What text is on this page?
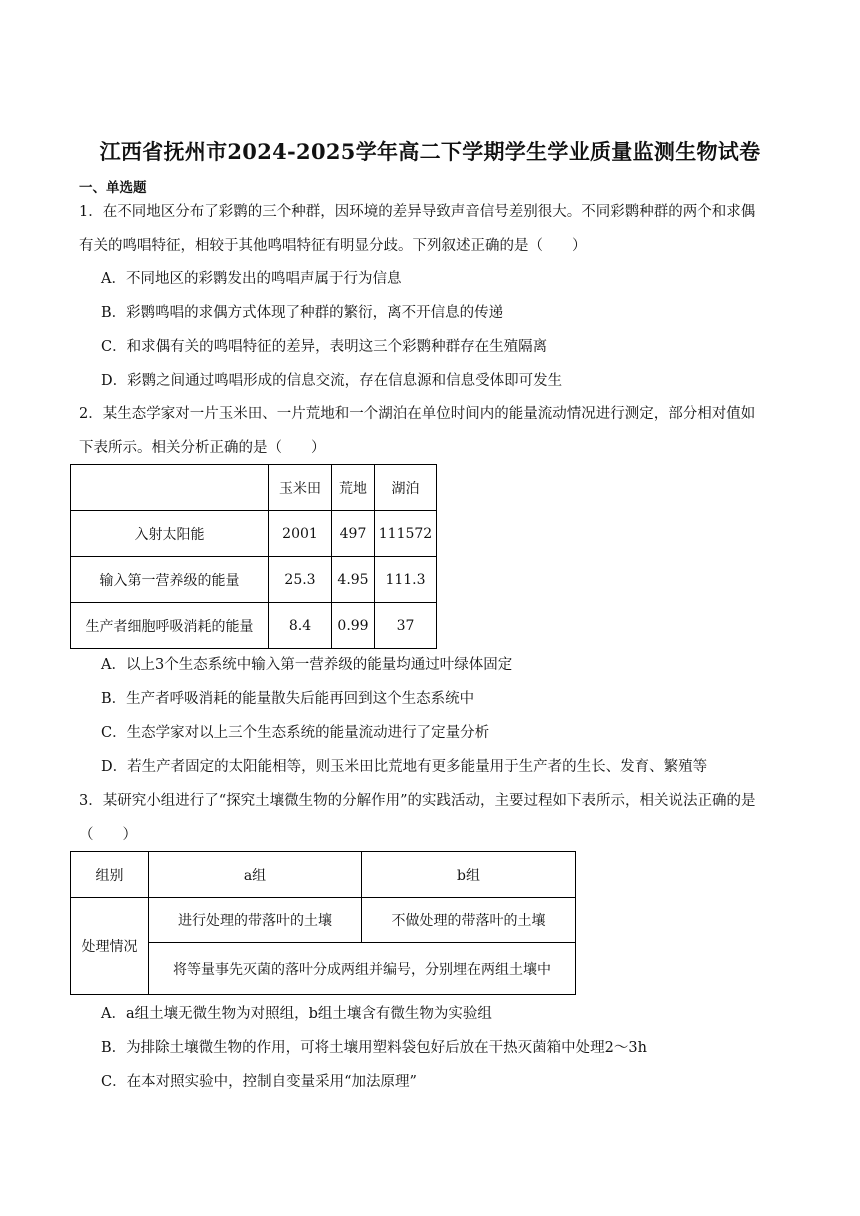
江西省抚州市2024-2025学年高二下学期学生学业质量监测生物试卷
一、单选题
1．在不同地区分布了彩鹮的三个种群，因环境的差异导致声音信号差别很大。不同彩鹮种群的两个和求偶
有关的鸣唱特征，相较于其他鸣唱特征有明显分歧。下列叙述正确的是（　　）
A．不同地区的彩鹮发出的鸣唱声属于行为信息
B．彩鹮鸣唱的求偶方式体现了种群的繁衍，离不开信息的传递
C．和求偶有关的鸣唱特征的差异，表明这三个彩鹮种群存在生殖隔离
D．彩鹮之间通过鸣唱形成的信息交流，存在信息源和信息受体即可发生
2．某生态学家对一片玉米田、一片荒地和一个湖泊在单位时间内的能量流动情况进行测定，部分相对值如
下表所示。相关分析正确的是（　　）
	玉米田	荒地	湖泊
入射太阳能	2001	497	111572
输入第一营养级的能量	25.3	4.95	111.3
生产者细胞呼吸消耗的能量	8.4	0.99	37
A．以上3个生态系统中输入第一营养级的能量均通过叶绿体固定
B．生产者呼吸消耗的能量散失后能再回到这个生态系统中
C．生态学家对以上三个生态系统的能量流动进行了定量分析
D．若生产者固定的太阳能相等，则玉米田比荒地有更多能量用于生产者的生长、发育、繁殖等
3．某研究小组进行了“探究土壤微生物的分解作用”的实践活动，主要过程如下表所示，相关说法正确的是
（　　）
组别	a组	b组
处理情况	进行处理的带落叶的土壤	不做处理的带落叶的土壤
	将等量事先灭菌的落叶分成两组并编号，分别埋在两组土壤中	
A．a组土壤无微生物为对照组，b组土壤含有微生物为实验组
B．为排除土壤微生物的作用，可将土壤用塑料袋包好后放在干热灭菌箱中处理2～3h
C．在本对照实验中，控制自变量采用“加法原理”
